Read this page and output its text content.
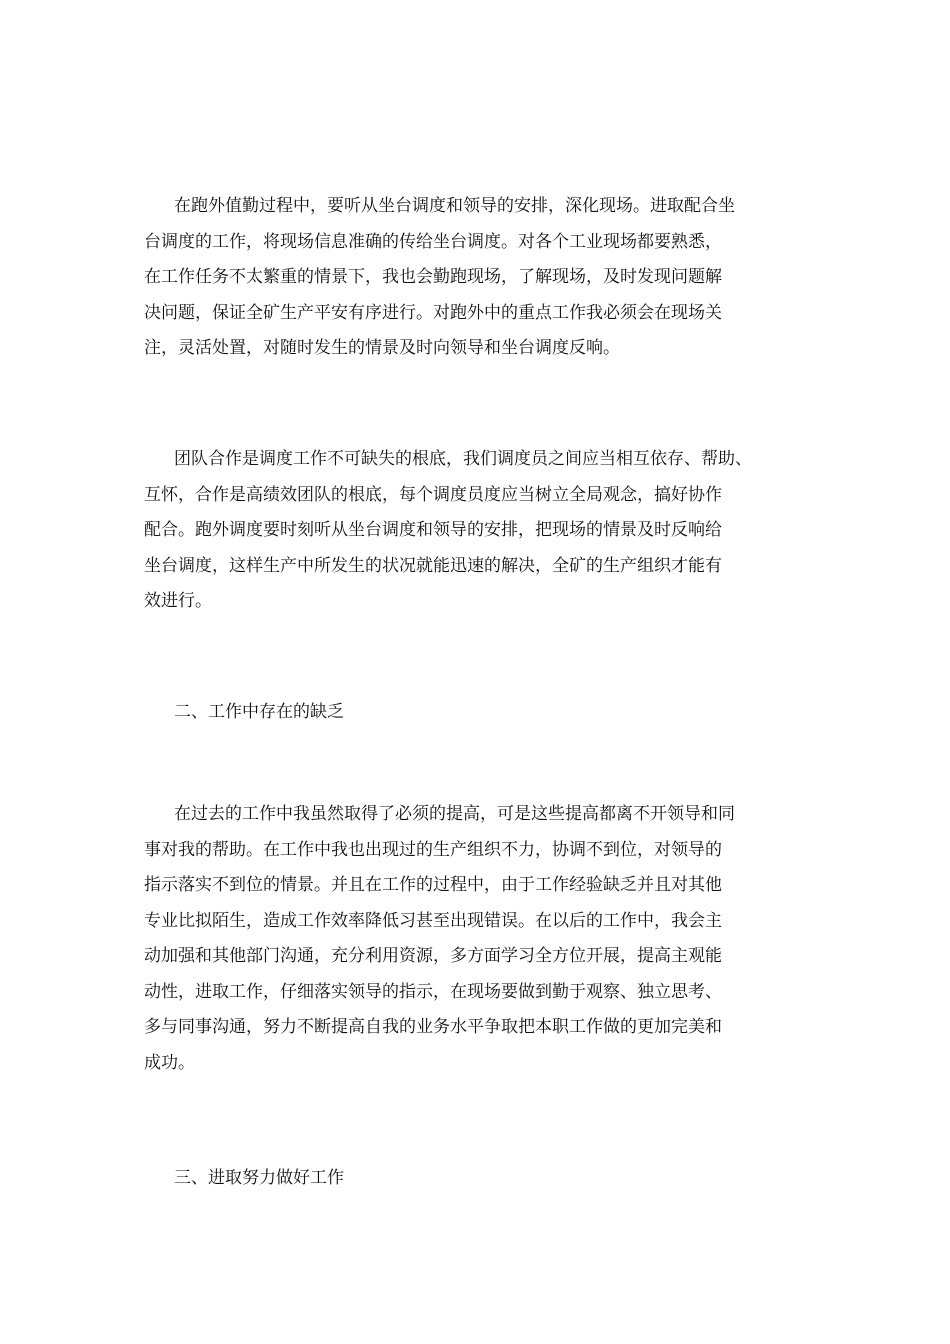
在跑外值勤过程中，要听从坐台调度和领导的安排，深化现场。进取配合坐
台调度的工作，将现场信息准确的传给坐台调度。对各个工业现场都要熟悉，
在工作任务不太繁重的情景下，我也会勤跑现场，了解现场，及时发现问题解
决问题，保证全矿生产平安有序进行。对跑外中的重点工作我必须会在现场关
注，灵活处置，对随时发生的情景及时向领导和坐台调度反响。

团队合作是调度工作不可缺失的根底，我们调度员之间应当相互依存、帮助、
互怀，合作是高绩效团队的根底，每个调度员度应当树立全局观念，搞好协作
配合。跑外调度要时刻听从坐台调度和领导的安排，把现场的情景及时反响给
坐台调度，这样生产中所发生的状况就能迅速的解决，全矿的生产组织才能有
效进行。

二、工作中存在的缺乏

在过去的工作中我虽然取得了必须的提高，可是这些提高都离不开领导和同
事对我的帮助。在工作中我也出现过的生产组织不力，协调不到位，对领导的
指示落实不到位的情景。并且在工作的过程中，由于工作经验缺乏并且对其他
专业比拟陌生，造成工作效率降低习甚至出现错误。在以后的工作中，我会主
动加强和其他部门沟通，充分利用资源，多方面学习全方位开展，提高主观能
动性，进取工作，仔细落实领导的指示，在现场要做到勤于观察、独立思考、
多与同事沟通，努力不断提高自我的业务水平争取把本职工作做的更加完美和
成功。

三、进取努力做好工作
